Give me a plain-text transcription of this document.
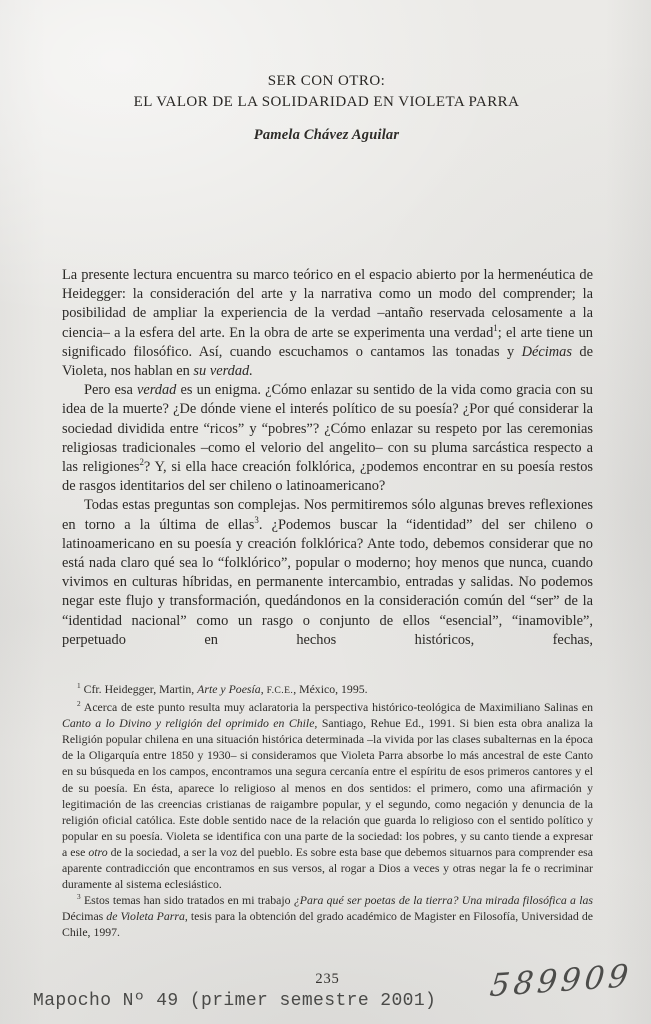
SER CON OTRO:
EL VALOR DE LA SOLIDARIDAD EN VIOLETA PARRA
Pamela Chávez Aguilar

La presente lectura encuentra su marco teórico en el espacio abierto por la hermenéutica de Heidegger: la consideración del arte y la narrativa como un modo del comprender; la posibilidad de ampliar la experiencia de la verdad –antaño reservada celosamente a la ciencia– a la esfera del arte. En la obra de arte se experimenta una verdad$^1$; el arte tiene un significado filosófico. Así, cuando escuchamos o cantamos las tonadas y Décimas de Violeta, nos hablan en su verdad.

Pero esa verdad es un enigma. ¿Cómo enlazar su sentido de la vida como gracia con su idea de la muerte? ¿De dónde viene el interés político de su poesía? ¿Por qué considerar la sociedad dividida entre “ricos” y “pobres”? ¿Cómo enlazar su respeto por las ceremonias religiosas tradicionales –como el velorio del angelito– con su pluma sarcástica respecto a las religiones$^2$? Y, si ella hace creación folklórica, ¿podemos encontrar en su poesía restos de rasgos identitarios del ser chileno o latinoamericano?

Todas estas preguntas son complejas. Nos permitiremos sólo algunas breves reflexiones en torno a la última de ellas$^3$. ¿Podemos buscar la “identidad” del ser chileno o latinoamericano en su poesía y creación folklórica? Ante todo, debemos considerar que no está nada claro qué sea lo “folklórico”, popular o moderno; hoy menos que nunca, cuando vivimos en culturas híbridas, en permanente intercambio, entradas y salidas. No podemos negar este flujo y transformación, quedándonos en la consideración común del “ser” de la “identidad nacional” como un rasgo o conjunto de ellos “esencial”, “inamovible”, perpetuado en hechos históricos, fechas,

$^1$ Cfr. Heidegger, Martin, Arte y Poesía, F.C.E., México, 1995.

$^2$ Acerca de este punto resulta muy aclaratoria la perspectiva histórico-teológica de Maximiliano Salinas en Canto a lo Divino y religión del oprimido en Chile, Santiago, Rehue Ed., 1991. Si bien esta obra analiza la Religión popular chilena en una situación histórica determinada –la vivida por las clases subalternas en la época de la Oligarquía entre 1850 y 1930– si consideramos que Violeta Parra absorbe lo más ancestral de este Canto en su búsqueda en los campos, encontramos una segura cercanía entre el espíritu de esos primeros cantores y el de su poesía. En ésta, aparece lo religioso al menos en dos sentidos: el primero, como una afirmación y legitimación de las creencias cristianas de raigambre popular, y el segundo, como negación y denuncia de la religión oficial católica. Este doble sentido nace de la relación que guarda lo religioso con el sentido político y popular en su poesía. Violeta se identifica con una parte de la sociedad: los pobres, y su canto tiende a expresar a ese otro de la sociedad, a ser la voz del pueblo. Es sobre esta base que debemos situarnos para comprender esa aparente contradicción que encontramos en sus versos, al rogar a Dios a veces y otras negar la fe o recriminar duramente al sistema eclesiástico.

$^3$ Estos temas han sido tratados en mi trabajo ¿Para qué ser poetas de la tierra? Una mirada filosófica a las Décimas de Violeta Parra, tesis para la obtención del grado académico de Magister en Filosofía, Universidad de Chile, 1997.

235
Mapocho Nº 49 (primer semestre 2001) 589909
